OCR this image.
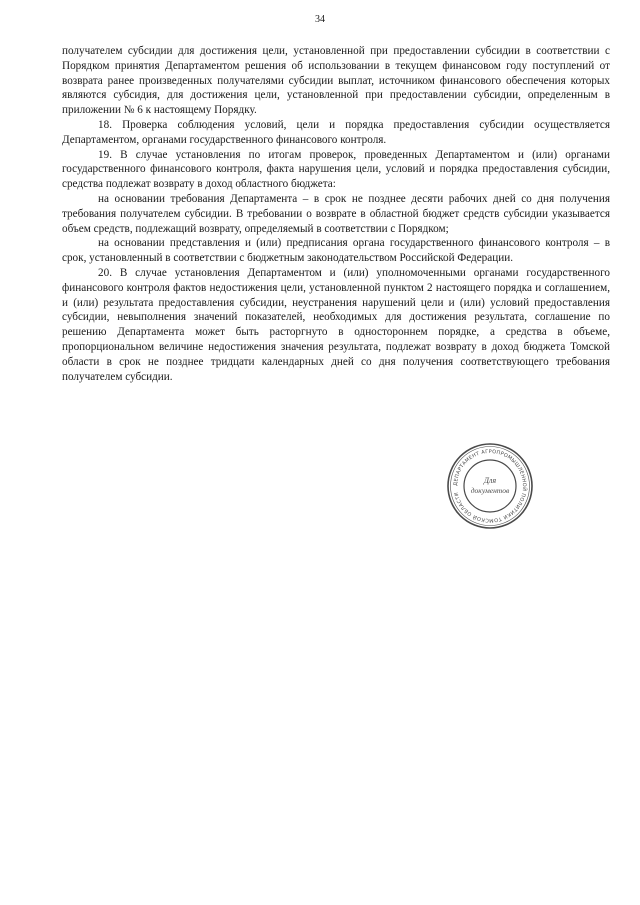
34

получателем субсидии для достижения цели, установленной при предоставлении субсидии в соответствии с Порядком принятия Департаментом решения об использовании в текущем финансовом году поступлений от возврата ранее произведенных получателями субсидии выплат, источником финансового обеспечения которых являются субсидия, для достижения цели, установленной при предоставлении субсидии, определенным в приложении № 6 к настоящему Порядку.

18. Проверка соблюдения условий, цели и порядка предоставления субсидии осуществляется Департаментом, органами государственного финансового контроля.

19. В случае установления по итогам проверок, проведенных Департаментом и (или) органами государственного финансового контроля, факта нарушения цели, условий и порядка предоставления субсидии, средства подлежат возврату в доход областного бюджета:

на основании требования Департамента – в срок не позднее десяти рабочих дней со дня получения требования получателем субсидии. В требовании о возврате в областной бюджет средств субсидии указывается объем средств, подлежащий возврату, определяемый в соответствии с Порядком;

на основании представления и (или) предписания органа государственного финансового контроля – в срок, установленный в соответствии с бюджетным законодательством Российской Федерации.

20. В случае установления Департаментом и (или) уполномоченными органами государственного финансового контроля фактов недостижения цели, установленной пунктом 2 настоящего порядка и соглашением, и (или) результата предоставления субсидии, неустранения нарушений цели и (или) условий предоставления субсидии, невыполнения значений показателей, необходимых для достижения результата, соглашение по решению Департамента может быть расторгнуто в одностороннем порядке, а средства в объеме, пропорциональном величине недостижения значения результата, подлежат возврату в доход бюджета Томской области в срок не позднее тридцати календарных дней со дня получения соответствующего требования получателем субсидии.

ДЕПАРТАМЕНТ АГРОПРОМЫШЛЕННОЙ ПОЛИТИКИ ТОМСКОЙ ОБЛАСТИ
Для
документов
